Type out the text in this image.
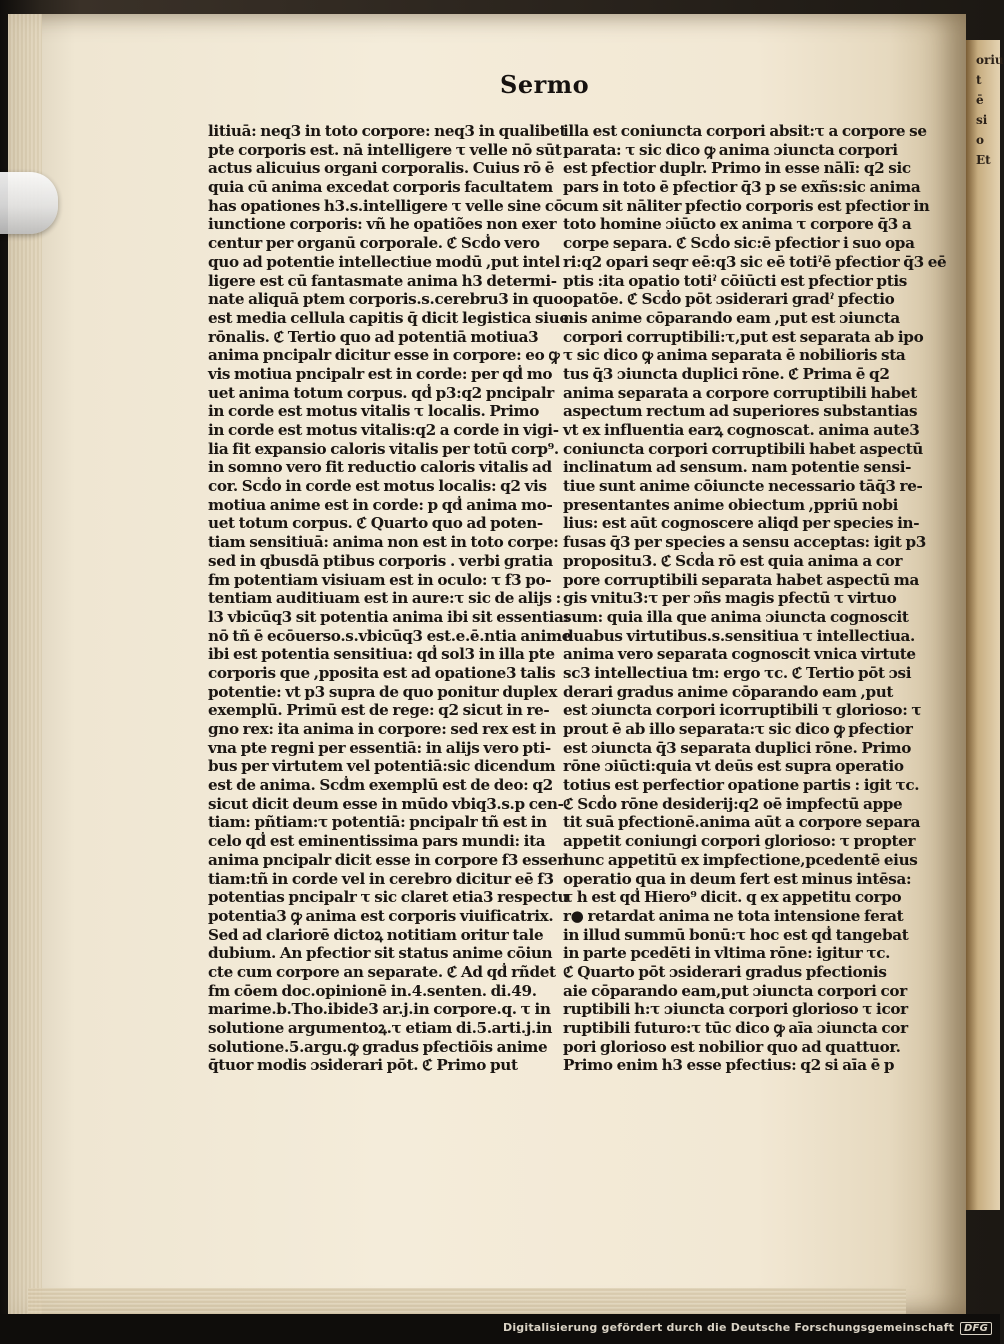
oriu
t
ē
si
o
Et
Sermo
litiuā: neq3 in toto corpore: neq3 in qualibet
pte corporis est. nā intelligere τ velle nō sūt
actus alicuius organi corporalis. Cuius rō ē
quia cū anima excedat corporis facultatem
has opationes h3.s.intelligere τ velle sine cō
iunctione corporis: vñ he opatiões non exer
centur per organū corporale. ℭ Scḋo vero
quo ad potentie intellectiue modū ,put intel
ligere est cū fantasmate anima h3 determi-
nate aliquā ptem corporis.s.cerebru3 in quo
est media cellula capitis q̄ dicit legistica siue
rōnalis. ℭ Tertio quo ad potentiā motiua3
anima pncipalr dicitur esse in corpore: eo ꝙ
vis motiua pncipalr est in corde: per qḋ mo
uet anima totum corpus. qḋ p3:q2 pncipalr
in corde est motus vitalis τ localis. Primo
in corde est motus vitalis:q2 a corde in vigi-
lia fit expansio caloris vitalis per totū corp⁹.
in somno vero fit reductio caloris vitalis ad
cor. Scḋo in corde est motus localis: q2 vis
motiua anime est in corde: p qḋ anima mo-
uet totum corpus. ℭ Quarto quo ad poten-
tiam sensitiuā: anima non est in toto corpe:
sed in qbusdā ptibus corporis . verbi gratia
fm potentiam visiuam est in oculo: τ f3 po-
tentiam auditiuam est in aure:τ sic de alijs :
l3 vbicūq3 sit potentia anima ibi sit essentia:
nō tñ ē ecōuerso.s.vbicūq3 est.e.ē.ntia anime
ibi est potentia sensitiua: qḋ sol3 in illa pte
corporis que ,pposita est ad opatione3 talis
potentie: vt p3 supra de quo ponitur duplex
exemplū. Primū est de rege: q2 sicut in re-
gno rex: ita anima in corpore: sed rex est in
vna pte regni per essentiā: in alijs vero pti-
bus per virtutem vel potentiā:sic dicendum
est de anima. Scḋm exemplū est de deo: q2
sicut dicit deum esse in mūdo vbiq3.s.p cen-
tiam: pñtiam:τ potentiā: pncipalr tñ est in
celo qḋ est eminentissima pars mundi: ita
anima pncipalr dicit esse in corpore f3 essen
tiam:tñ in corde vel in cerebro dicitur eē f3
potentias pncipalr τ sic claret etia3 respectu
potentia3 ꝙ anima est corporis viuificatrix.
Sed ad clariorē dictoꝝ notitiam oritur tale
dubium. An pfectior sit status anime cōiun
cte cum corpore an separate. ℭ Ad qḋ rñdet
fm cōem doc.opinionē in.4.senten. di.49.
marime.b.Tho.ibide3 ar.j.in corpore.q. τ in
solutione argumentoꝝ.τ etiam di.5.arti.j.in
solutione.5.argu.ꝙ gradus pfectiōis anime
q̄tuor modis ɔsiderari pōt. ℭ Primo put
illa est coniuncta corpori absit:τ a corpore se
parata: τ sic dico ꝙ anima ɔiuncta corpori
est pfectior duplr. Primo in esse nālī: q2 sic
pars in toto ē pfectior q̄3 p se exñs:sic anima
cum sit nāliter pfectio corporis est pfectior in
toto homine ɔiūcto ex anima τ corpore q̄3 a
corpe separa. ℭ Scḋo sic:ē pfectior i suo opa
ri:q2 opari seqr eē:q3 sic eē totiˀē pfectior q̄3 eē
ptis :ita opatio totiˀ cōiūcti est pfectior ptis
opatōe. ℭ Scḋo pōt ɔsiderari gradˀ pfectio
nis anime cōparando eam ,put est ɔiuncta
corpori corruptibili:τ,put est separata ab ipo
τ sic dico ꝙ anima separata ē nobilioris sta
tus q̄3 ɔiuncta duplici rōne. ℭ Prima ē q2
anima separata a corpore corruptibili habet
aspectum rectum ad superiores substantias
vt ex influentia earꝝ cognoscat. anima aute3
coniuncta corpori corruptibili habet aspectū
inclinatum ad sensum. nam potentie sensi-
tiue sunt anime cōiuncte necessario tāq̄3 re-
presentantes anime obiectum ,ppriū nobi
lius: est aūt cognoscere aliqd per species in-
fusas q̄3 per species a sensu acceptas: igit p3
propositu3. ℭ Scḋa rō est quia anima a cor
pore corruptibili separata habet aspectū ma
gis vnitu3:τ per ɔñs magis pfectū τ virtuo
sum: quia illa que anima ɔiuncta cognoscit
duabus virtutibus.s.sensitiua τ intellectiua.
anima vero separata cognoscit vnica virtute
sc3 intellectiua tm: ergo τc. ℭ Tertio pōt ɔsi
derari gradus anime cōparando eam ,put
est ɔiuncta corpori icorruptibili τ glorioso: τ
prout ē ab illo separata:τ sic dico ꝙ pfectior
est ɔiuncta q̄3 separata duplici rōne. Primo
rōne ɔiūcti:quia vt deūs est supra operatio
totius est perfectior opatione partis : igit τc.
ℭ Scḋo rōne desiderij:q2 oē impfectū appe
tit suā pfectionē.anima aūt a corpore separa
appetit coniungi corpori glorioso: τ propter
hunc appetitū ex impfectione,pcedentē eius
operatio qua in deum fert est minus intēsa:
τ h est qḋ Hiero⁹ dicit. q ex appetitu corpo
r● retardat anima ne tota intensione ferat
in illud summū bonū:τ hoc est qḋ tangebat
in parte pcedēti in vltima rōne: igitur τc.
ℭ Quarto pōt ɔsiderari gradus pfectionis
aie cōparando eam,put ɔiuncta corpori cor
ruptibili h:τ ɔiuncta corpori glorioso τ icor
ruptibili futuro:τ tūc dico ꝙ aīa ɔiuncta cor
pori glorioso est nobilior quo ad quattuor.
Primo enim h3 esse pfectius: q2 si aīa ē p
Digitalisierung gefördert durch die Deutsche Forschungsgemeinschaft DFG
